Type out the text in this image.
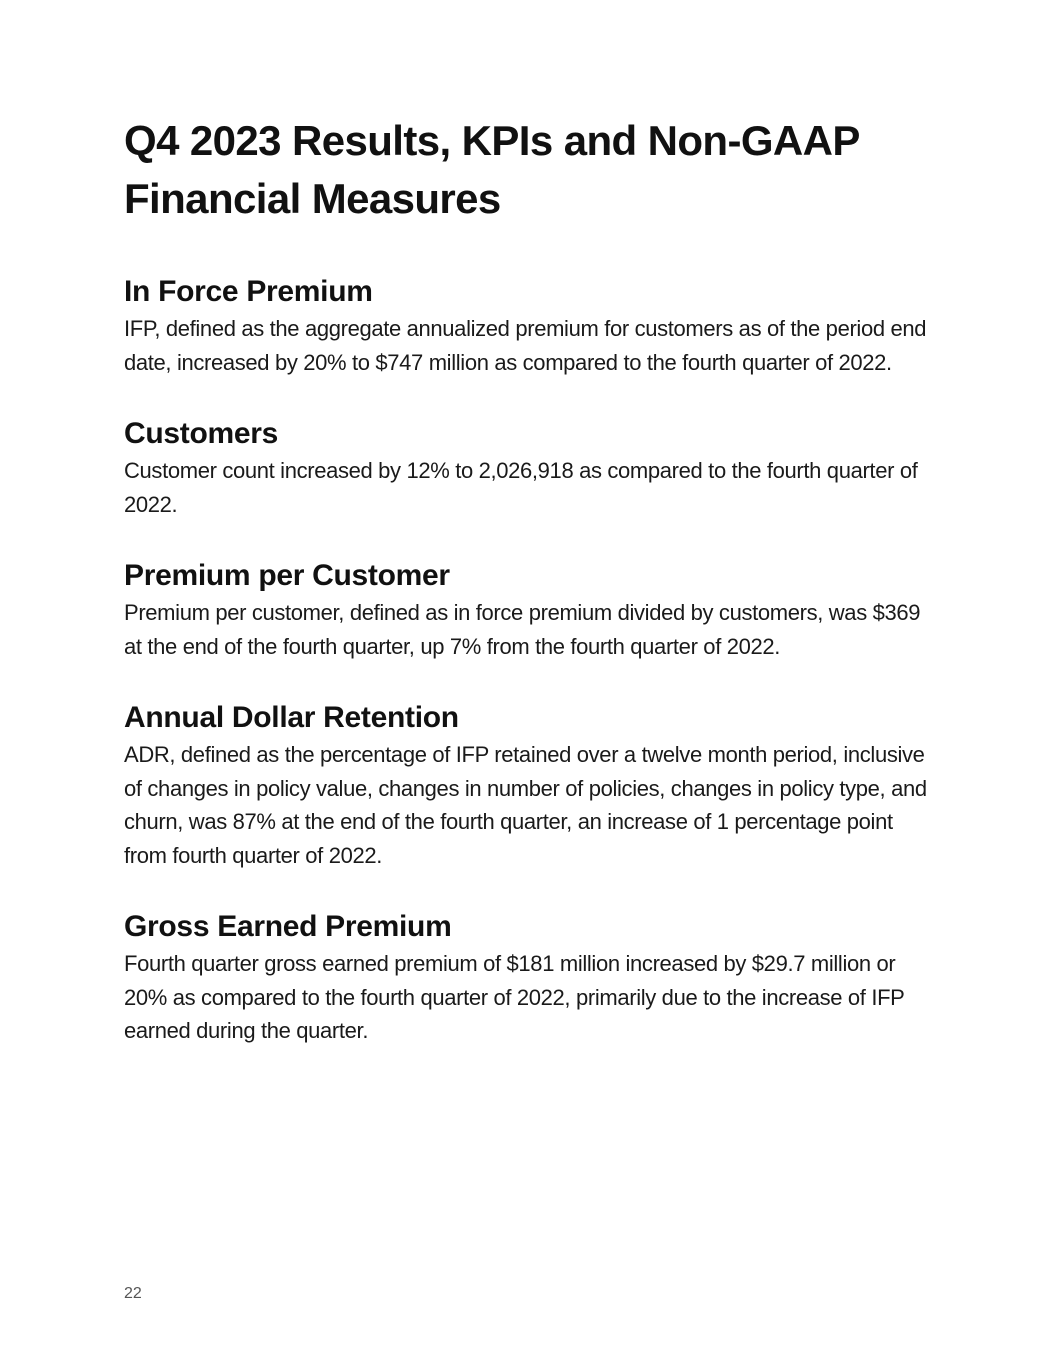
Q4 2023 Results, KPIs and Non-GAAP Financial Measures
In Force Premium

IFP, defined as the aggregate annualized premium for customers as of the period end date, increased by 20% to $747 million as compared to the fourth quarter of 2022.

Customers

Customer count increased by 12% to 2,026,918 as compared to the fourth quarter of 2022.

Premium per Customer

Premium per customer, defined as in force premium divided by customers, was $369 at the end of the fourth quarter, up 7% from the fourth quarter of 2022.

Annual Dollar Retention

ADR, defined as the percentage of IFP retained over a twelve month period, inclusive of changes in policy value, changes in number of policies, changes in policy type, and churn, was 87% at the end of the fourth quarter, an increase of 1 percentage point from fourth quarter of 2022.

Gross Earned Premium

Fourth quarter gross earned premium of $181 million increased by $29.7 million or 20% as compared to the fourth quarter of 2022, primarily due to the increase of IFP earned during the quarter.

22
